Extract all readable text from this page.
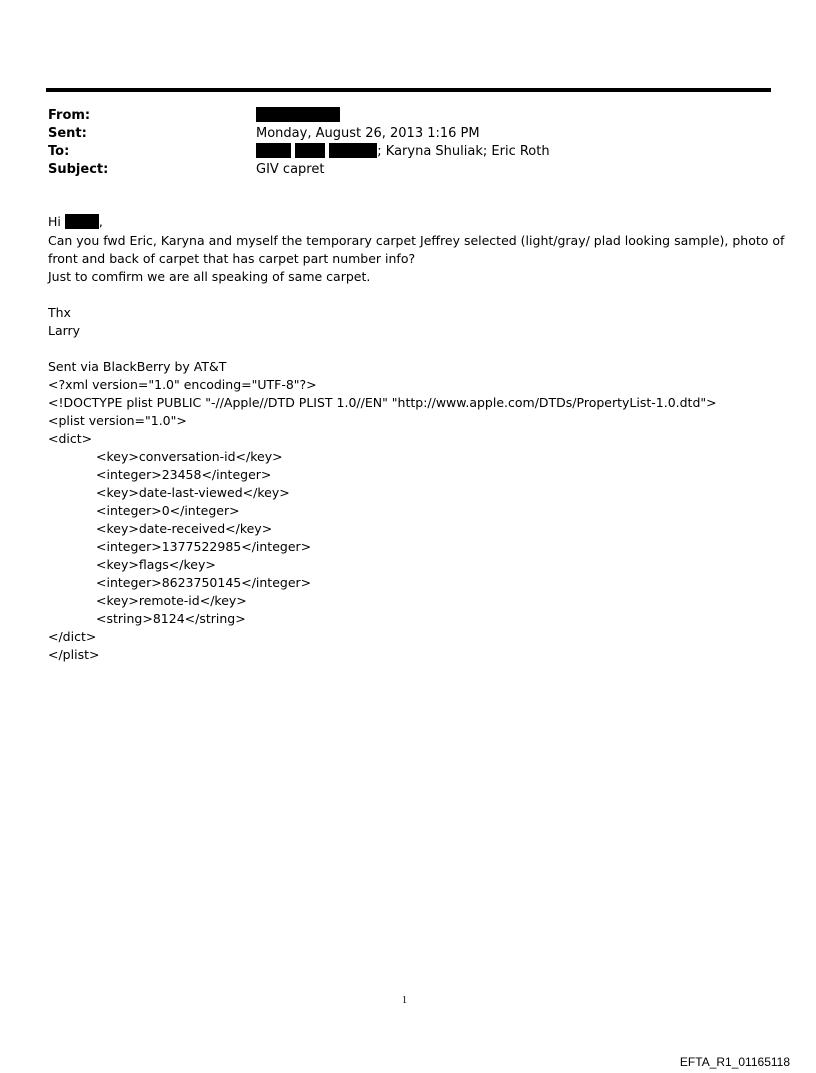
From:
Sent:	Monday, August 26, 2013 1:16 PM
To:	; Karyna Shuliak; Eric Roth
Subject:	GIV capret
Hi	,
Can you fwd Eric, Karyna and myself the temporary carpet Jeffrey selected (light/gray/ plad looking sample), photo of
front and back of carpet that has carpet part number info?
Just to comfirm we are all speaking of same carpet.
Thx
Larry
Sent via BlackBerry by AT&T
<?xml version="1.0" encoding="UTF-8"?>
<!DOCTYPE plist PUBLIC "-//Apple//DTD PLIST 1.0//EN" "http://www.apple.com/DTDs/PropertyList-1.0.dtd">
<plist version="1.0">
<dict>
<key>conversation-id</key>
<integer>23458</integer>
<key>date-last-viewed</key>
<integer>0</integer>
<key>date-received</key>
<integer>1377522985</integer>
<key>flags</key>
<integer>8623750145</integer>
<key>remote-id</key>
<string>8124</string>
</dict>
</plist>
1
EFTA_R1_01165118
